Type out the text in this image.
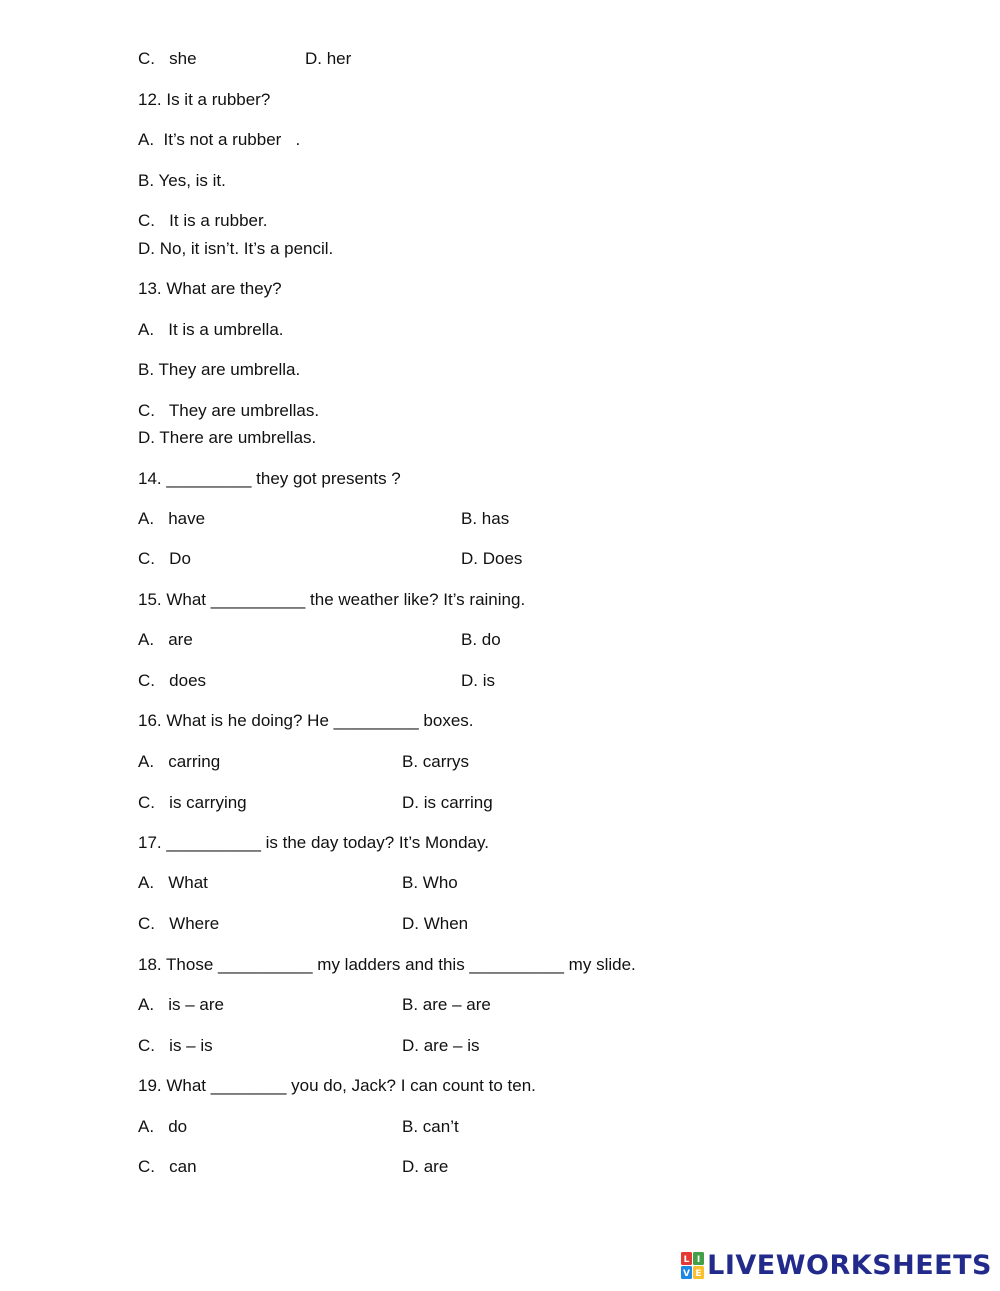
C.   she	D. her
12. Is it a rubber?
A.  It’s not a rubber   .
B. Yes, is it.
C.   It is a rubber.
D. No, it isn’t. It’s a pencil.
13. What are they?
A.   It is a umbrella.
B. They are umbrella.
C.   They are umbrellas.
D. There are umbrellas.
14. _________ they got presents ?
A.   have	B. has
C.   Do	D. Does
15. What __________ the weather like? It’s raining.
A.   are	B. do
C.   does	D. is
16. What is he doing? He _________ boxes.
A.   carring	B. carrys
C.   is carrying	D. is carring
17. __________ is the day today? It’s Monday.
A.   What	B. Who
C.   Where	D. When
18. Those __________ my ladders and this __________ my slide.
A.   is – are	B. are – are
C.   is – is	D. are – is
19. What ________ you do, Jack? I can count to ten.
A.   do	B. can’t
C.   can	D. are
L I
V E LIVEWORKSHEETS
